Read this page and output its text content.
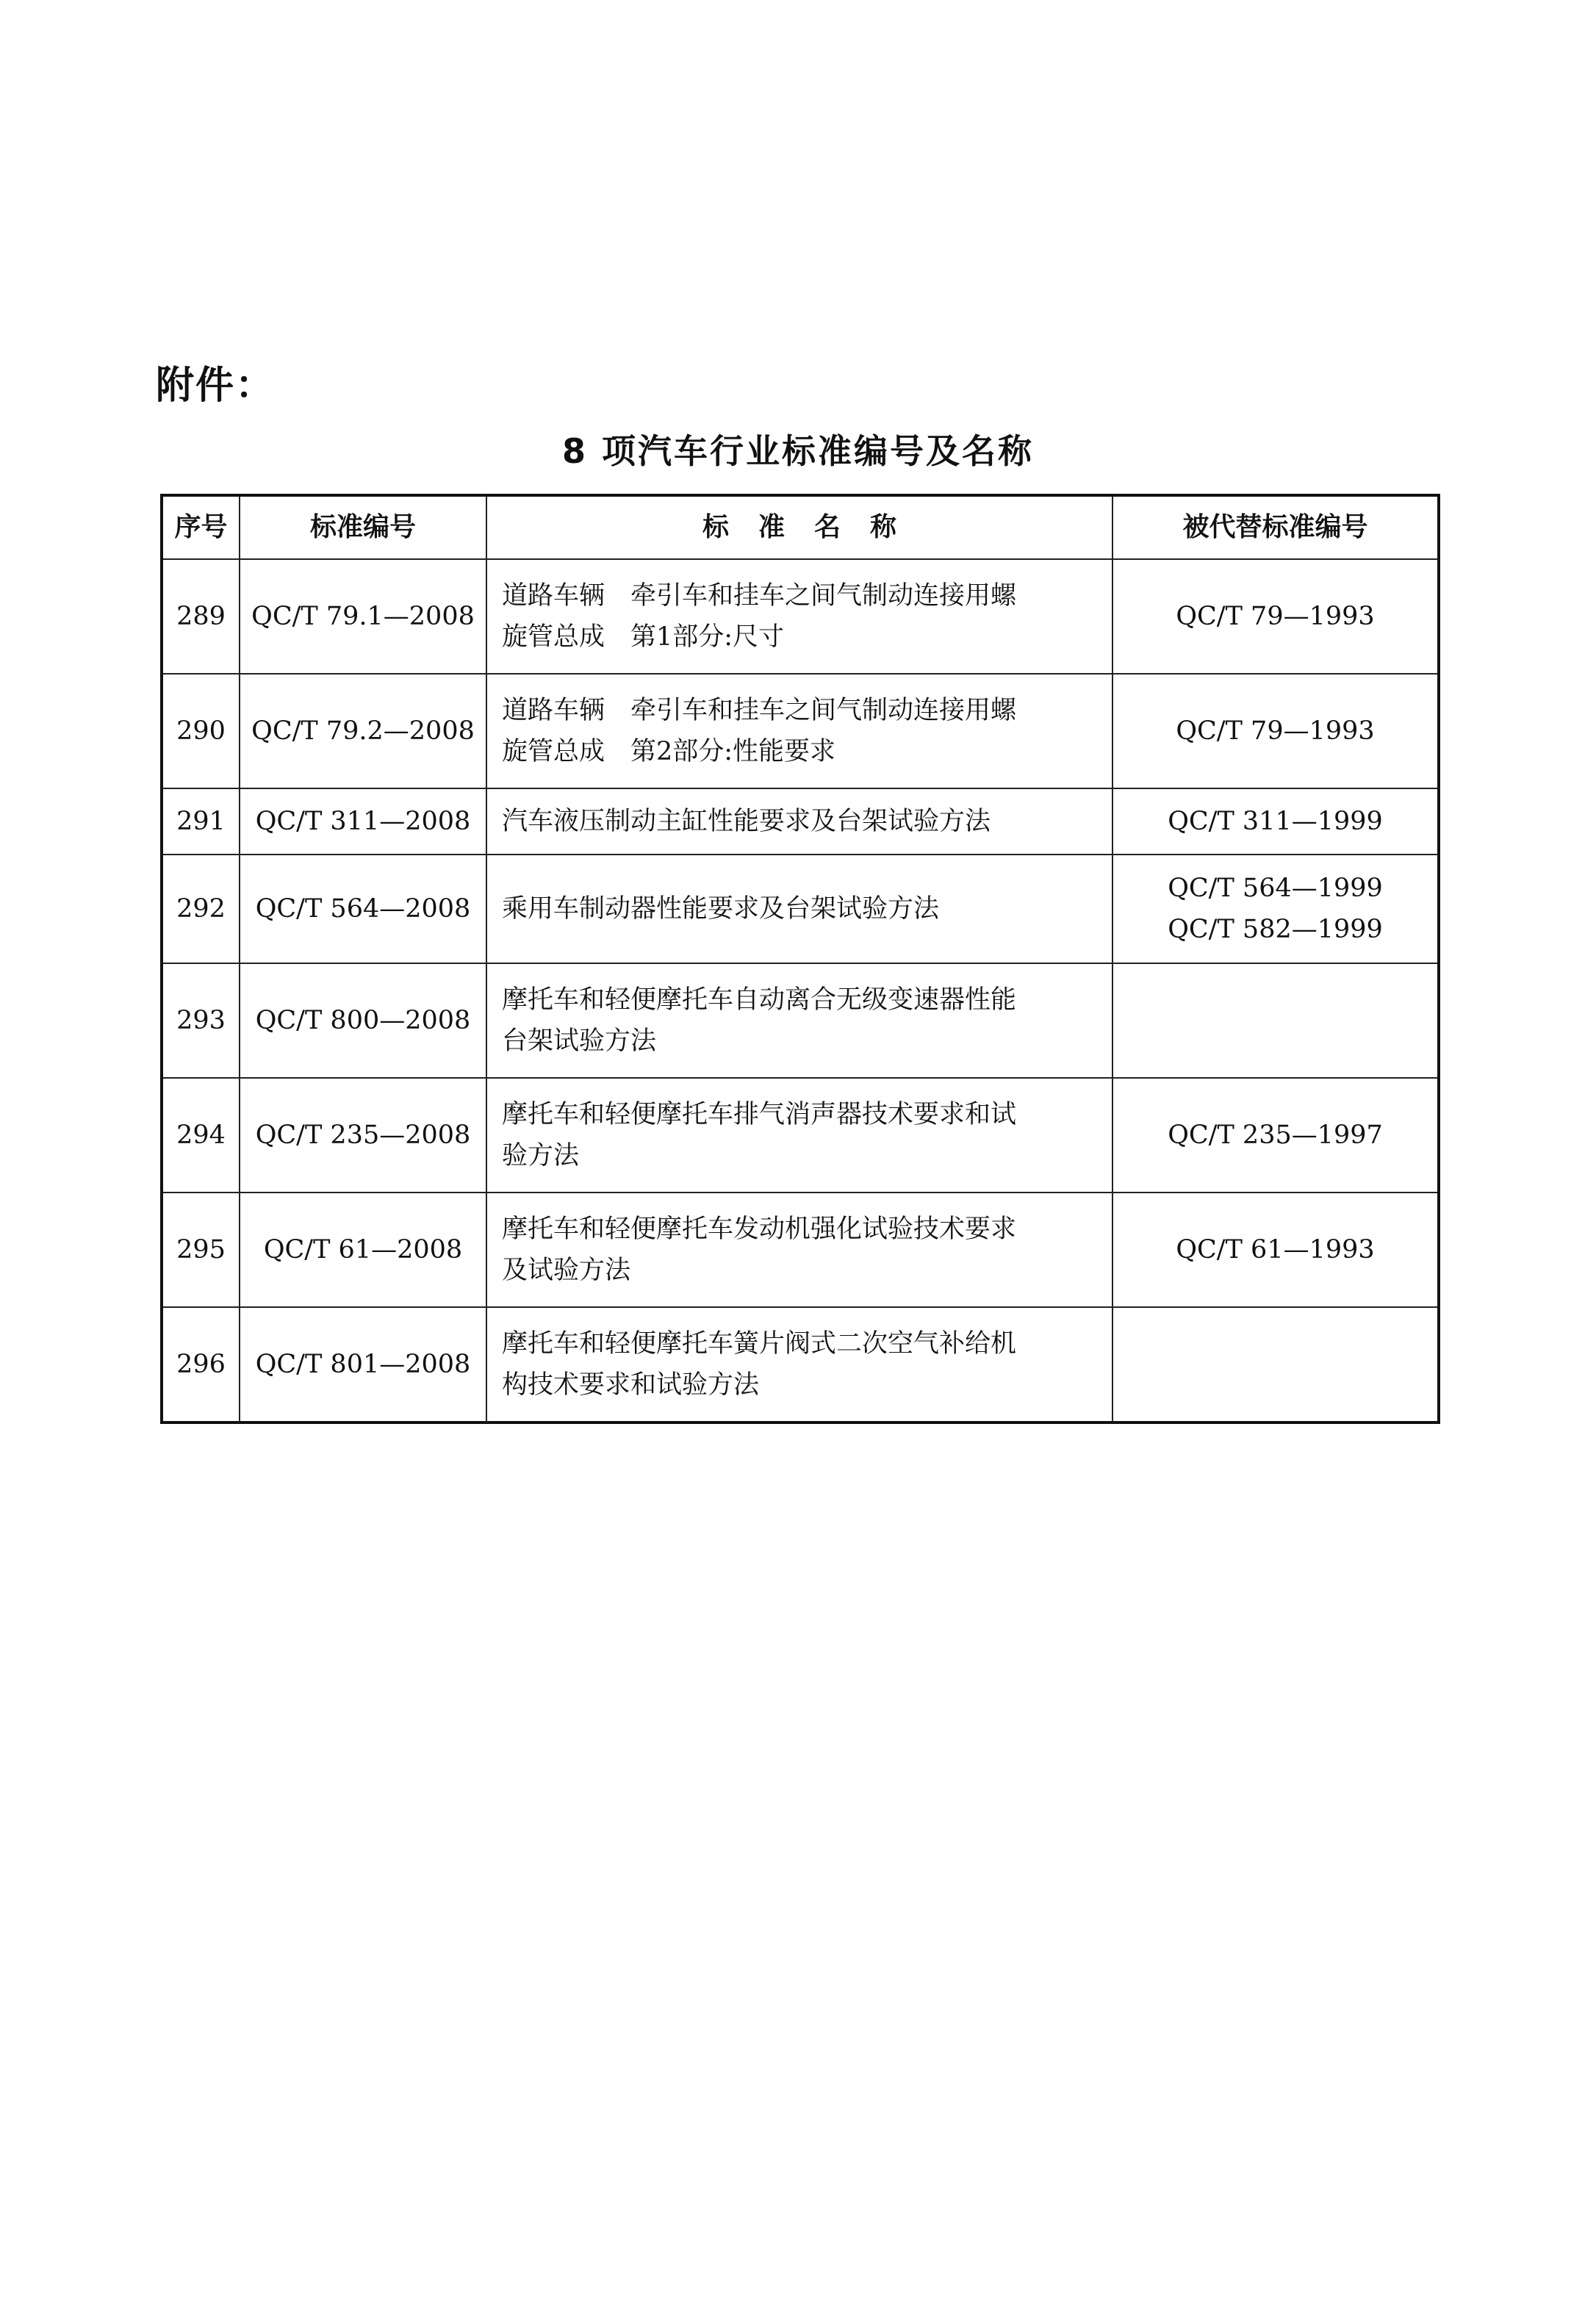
附件：
8 项汽车行业标准编号及名称
序号	标准编号	标准名称	被代替标准编号
289	QC/T 79.1—2008	道路车辆　牵引车和挂车之间气制动连接用螺
旋管总成　第1部分:尺寸	QC/T 79—1993

290	QC/T 79.2—2008	道路车辆　牵引车和挂车之间气制动连接用螺
旋管总成　第2部分:性能要求	QC/T 79—1993

291	QC/T 311—2008	汽车液压制动主缸性能要求及台架试验方法	QC/T 311—1999

292	QC/T 564—2008	乘用车制动器性能要求及台架试验方法	QC/T 564—1999
QC/T 582—1999

293	QC/T 800—2008	摩托车和轻便摩托车自动离合无级变速器性能
台架试验方法	

294	QC/T 235—2008	摩托车和轻便摩托车排气消声器技术要求和试
验方法	QC/T 235—1997

295	QC/T 61—2008	摩托车和轻便摩托车发动机强化试验技术要求
及试验方法	QC/T 61—1993

296	QC/T 801—2008	摩托车和轻便摩托车簧片阀式二次空气补给机
构技术要求和试验方法	
